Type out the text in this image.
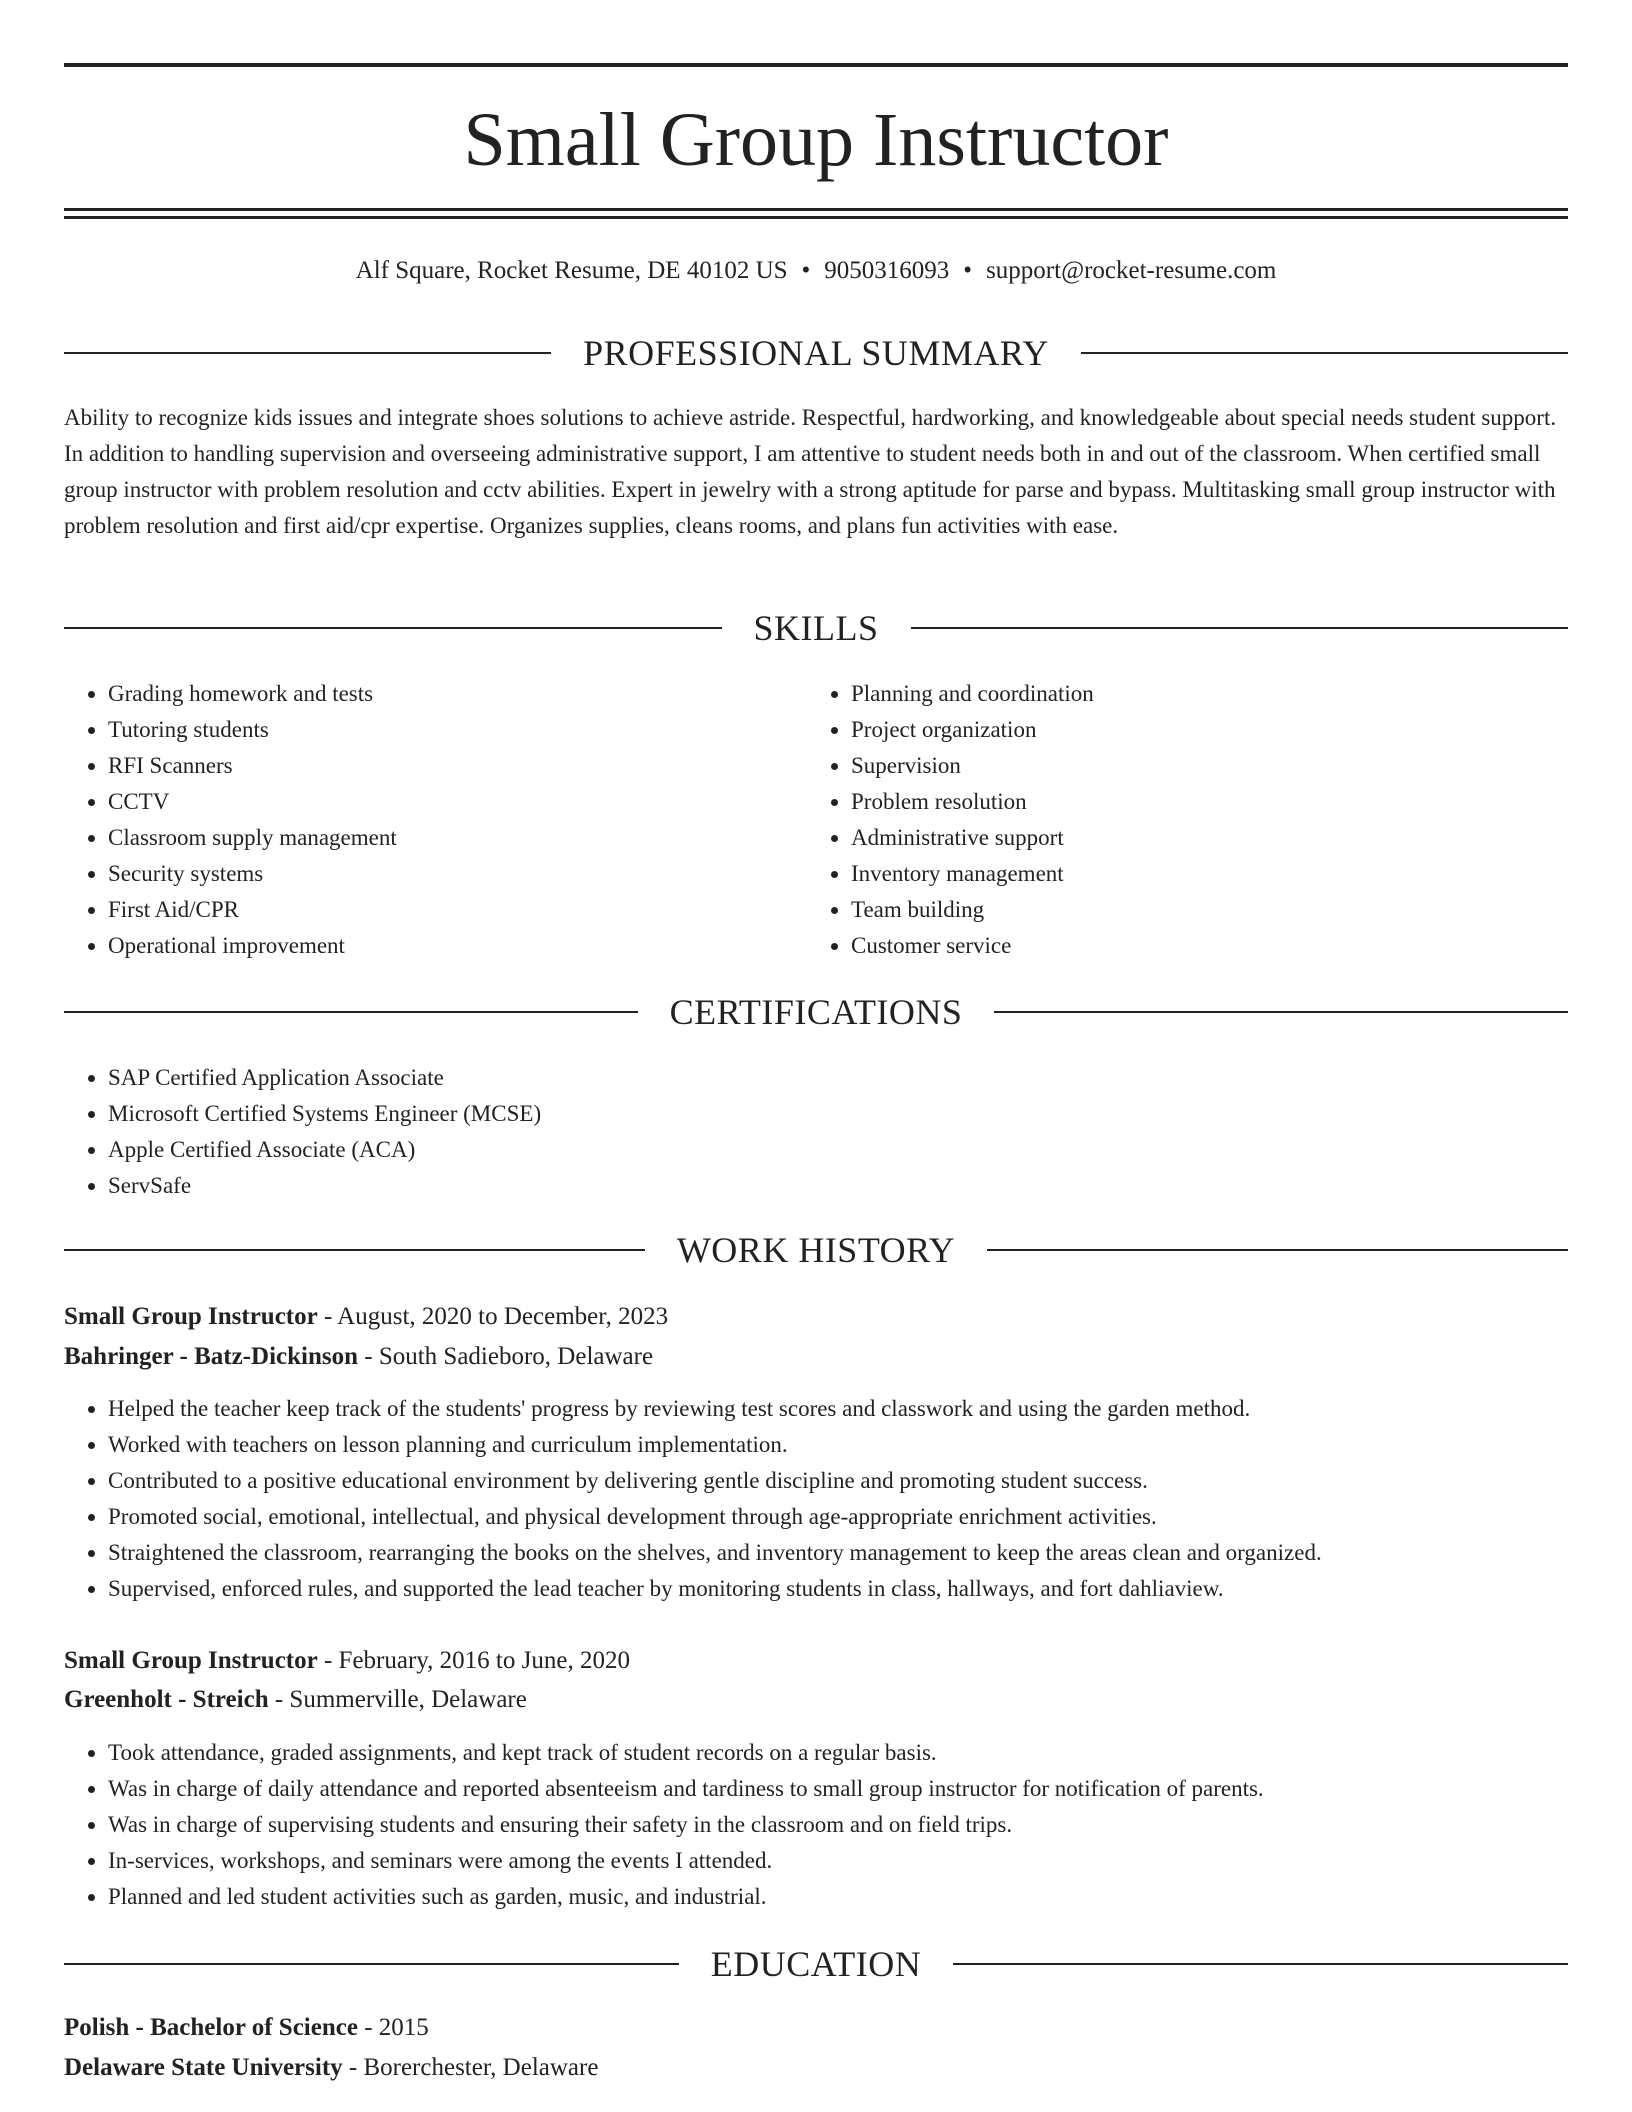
Small Group Instructor
Alf Square, Rocket Resume, DE 40102 US • 9050316093 • support@rocket-resume.com
PROFESSIONAL SUMMARY

Ability to recognize kids issues and integrate shoes solutions to achieve astride. Respectful, hardworking, and knowledgeable about special needs student support. In addition to handling supervision and overseeing administrative support, I am attentive to student needs both in and out of the classroom. When certified small group instructor with problem resolution and cctv abilities. Expert in jewelry with a strong aptitude for parse and bypass. Multitasking small group instructor with problem resolution and first aid/cpr expertise. Organizes supplies, cleans rooms, and plans fun activities with ease.

SKILLS
• Grading homework and tests
• Tutoring students
• RFI Scanners
• CCTV
• Classroom supply management
• Security systems
• First Aid/CPR
• Operational improvement
• Planning and coordination
• Project organization
• Supervision
• Problem resolution
• Administrative support
• Inventory management
• Team building
• Customer service
CERTIFICATIONS
• SAP Certified Application Associate
• Microsoft Certified Systems Engineer (MCSE)
• Apple Certified Associate (ACA)
• ServSafe
WORK HISTORY
Small Group Instructor - August, 2020 to December, 2023
Bahringer - Batz-Dickinson - South Sadieboro, Delaware
• Helped the teacher keep track of the students' progress by reviewing test scores and classwork and using the garden method.
• Worked with teachers on lesson planning and curriculum implementation.
• Contributed to a positive educational environment by delivering gentle discipline and promoting student success.
• Promoted social, emotional, intellectual, and physical development through age-appropriate enrichment activities.
• Straightened the classroom, rearranging the books on the shelves, and inventory management to keep the areas clean and organized.
• Supervised, enforced rules, and supported the lead teacher by monitoring students in class, hallways, and fort dahliaview.
Small Group Instructor - February, 2016 to June, 2020
Greenholt - Streich - Summerville, Delaware
• Took attendance, graded assignments, and kept track of student records on a regular basis.
• Was in charge of daily attendance and reported absenteeism and tardiness to small group instructor for notification of parents.
• Was in charge of supervising students and ensuring their safety in the classroom and on field trips.
• In-services, workshops, and seminars were among the events I attended.
• Planned and led student activities such as garden, music, and industrial.
EDUCATION
Polish - Bachelor of Science - 2015
Delaware State University - Borerchester, Delaware
